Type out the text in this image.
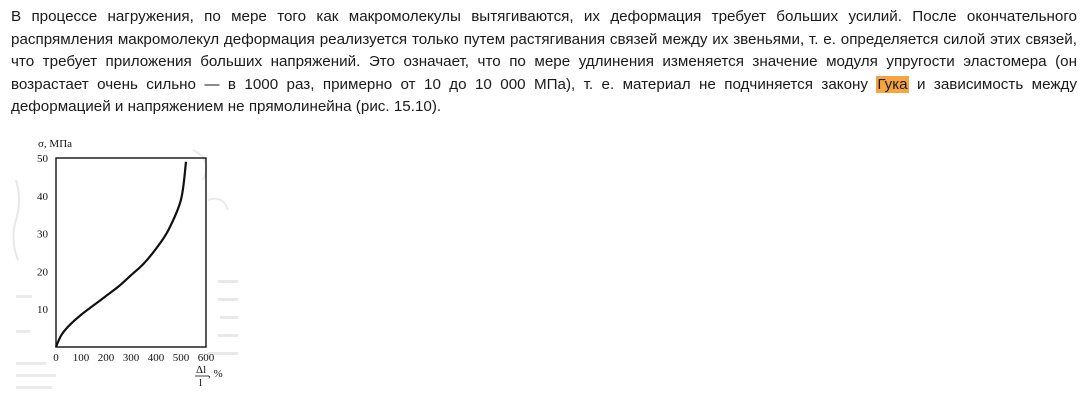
В процессе нагружения, по мере того как макромолекулы вытягиваются, их деформация требует больших усилий. После окончательного распрямления макромолекул деформация реализуется только путем растягивания связей между их звеньями, т. е. определяется силой этих связей, что требует приложения больших напряжений. Это означает, что по мере удлинения изменяется значение модуля упругости эластомера (он возрастает очень сильно — в 1000 раз, примерно от 10 до 10 000 МПа), т. е. материал не подчиняется закону Гука и зависимость между деформацией и напряжением не прямолинейна (рис. 15.10).

σ, МПа
10
20
30
40
50
0 100 200 300 400 500 600
Δl
l
, %
